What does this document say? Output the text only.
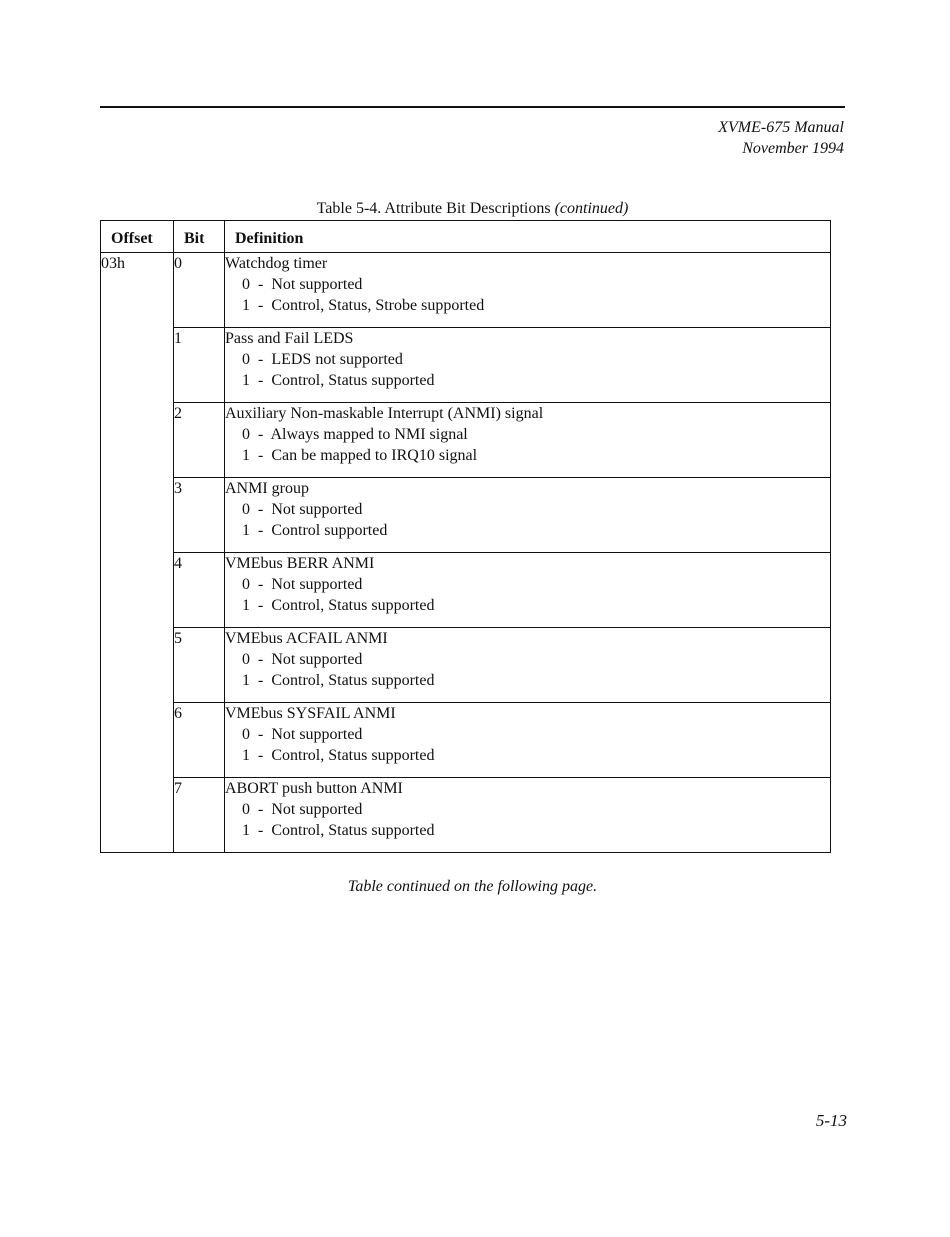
XVME-675 Manual
November 1994
Table 5-4. Attribute Bit Descriptions (continued)
Offset	Bit	Definition
03h	0	Watchdog timer
0  -  Not supported
1  -  Control, Status, Strobe supported

	1	Pass and Fail LEDS
0  -  LEDS not supported
1  -  Control, Status supported

	2	Auxiliary Non-maskable Interrupt (ANMI) signal
0  -  Always mapped to NMI signal
1  -  Can be mapped to IRQ10 signal

	3	ANMI group
0  -  Not supported
1  -  Control supported

	4	VMEbus BERR ANMI
0  -  Not supported
1  -  Control, Status supported

	5	VMEbus ACFAIL ANMI
0  -  Not supported
1  -  Control, Status supported

	6	VMEbus SYSFAIL ANMI
0  -  Not supported
1  -  Control, Status supported

	7	ABORT push button ANMI
0  -  Not supported
1  -  Control, Status supported
Table continued on the following page.
5-13
